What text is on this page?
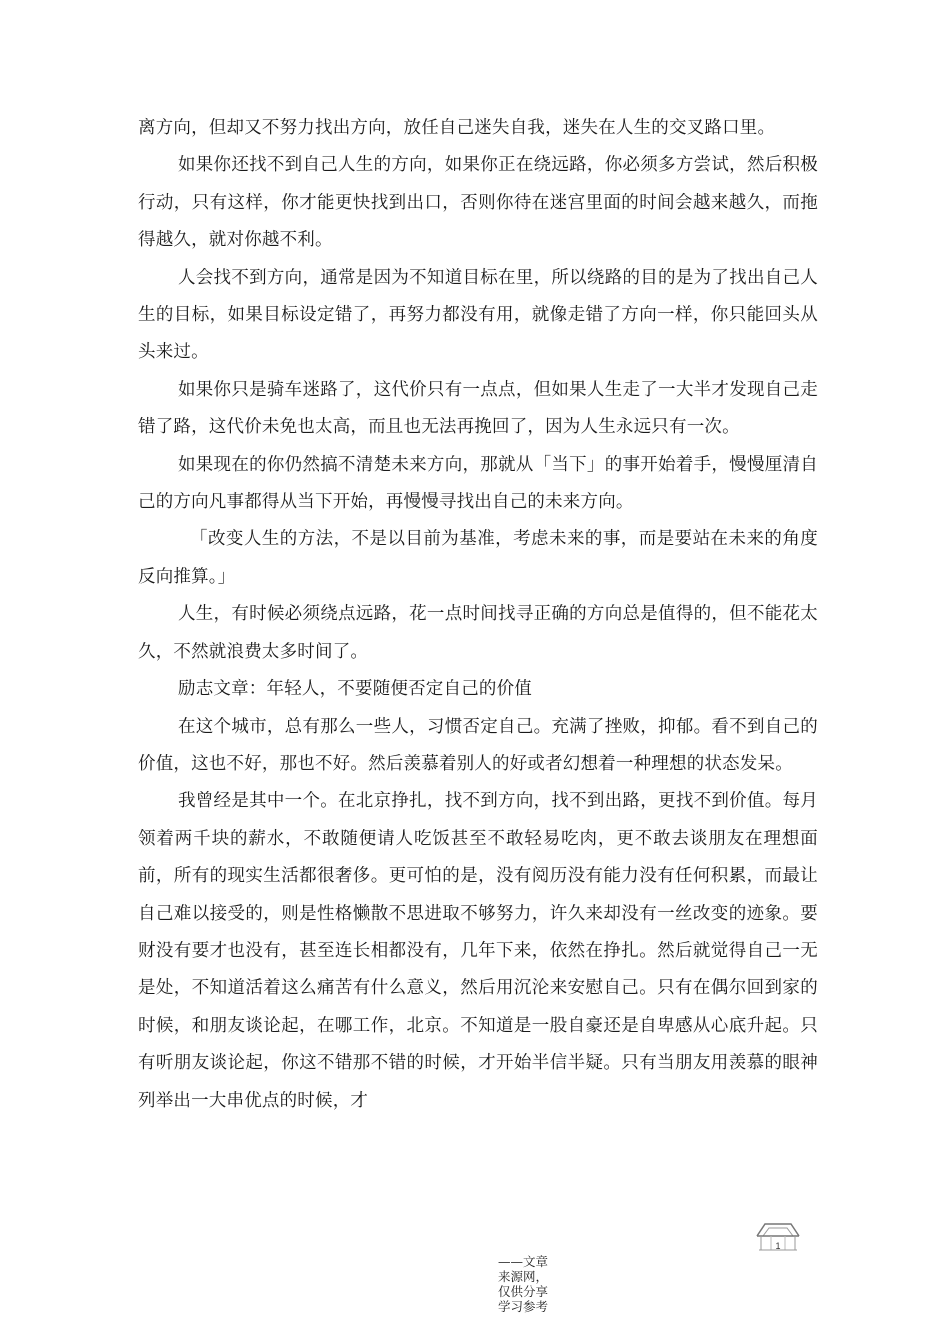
离方向，但却又不努力找出方向，放任自己迷失自我，迷失在人生的交叉路口里。

如果你还找不到自己人生的方向，如果你正在绕远路，你必须多方尝试，然后积极行动，只有这样，你才能更快找到出口，否则你待在迷宫里面的时间会越来越久，而拖得越久，就对你越不利。

人会找不到方向，通常是因为不知道目标在里，所以绕路的目的是为了找出自己人生的目标，如果目标设定错了，再努力都没有用，就像走错了方向一样，你只能回头从头来过。

如果你只是骑车迷路了，这代价只有一点点，但如果人生走了一大半才发现自己走错了路，这代价未免也太高，而且也无法再挽回了，因为人生永远只有一次。

如果现在的你仍然搞不清楚未来方向，那就从「当下」的事开始着手，慢慢厘清自己的方向凡事都得从当下开始，再慢慢寻找出自己的未来方向。

「改变人生的方法，不是以目前为基准，考虑未来的事，而是要站在未来的角度反向推算。」

人生，有时候必须绕点远路，花一点时间找寻正确的方向总是值得的，但不能花太久，不然就浪费太多时间了。

励志文章：年轻人，不要随便否定自己的价值

在这个城市，总有那么一些人，习惯否定自己。充满了挫败，抑郁。看不到自己的价值，这也不好，那也不好。然后羡慕着别人的好或者幻想着一种理想的状态发呆。

我曾经是其中一个。在北京挣扎，找不到方向，找不到出路，更找不到价值。每月领着两千块的薪水，不敢随便请人吃饭甚至不敢轻易吃肉，更不敢去谈朋友在理想面前，所有的现实生活都很奢侈。更可怕的是，没有阅历没有能力没有任何积累，而最让自己难以接受的，则是性格懒散不思进取不够努力，许久来却没有一丝改变的迹象。要财没有要才也没有，甚至连长相都没有，几年下来，依然在挣扎。然后就觉得自己一无是处，不知道活着这么痛苦有什么意义，然后用沉沦来安慰自己。只有在偶尔回到家的时候，和朋友谈论起，在哪工作，北京。不知道是一股自豪还是自卑感从心底升起。只有听朋友谈论起，你这不错那不错的时候，才开始半信半疑。只有当朋友用羡慕的眼神列举出一大串优点的时候，才

1
——文章来源网，仅供分享学习参考
